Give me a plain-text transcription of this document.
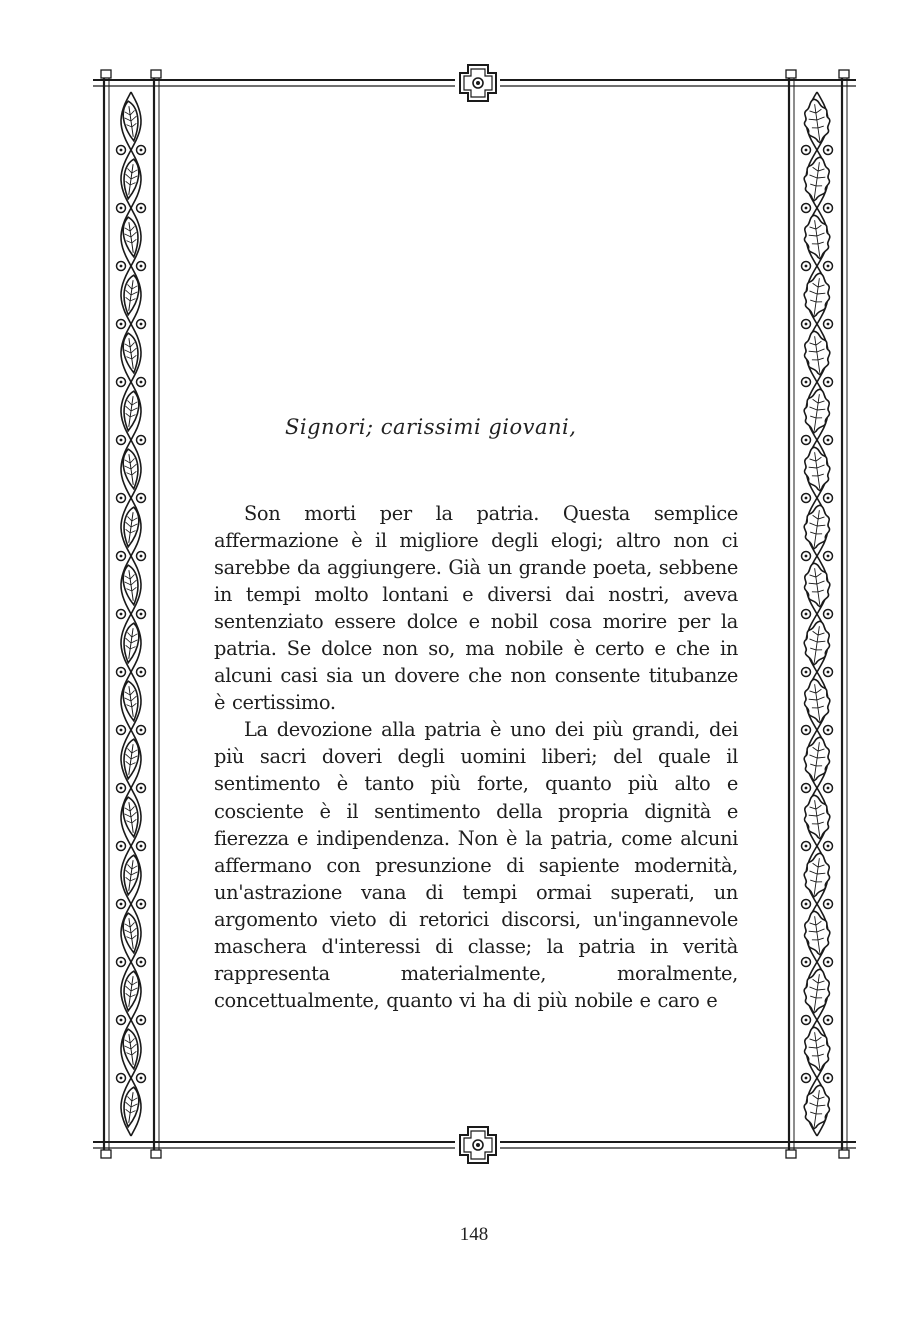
Signori; carissimi giovani,

Son morti per la patria. Questa semplice affermazione è il migliore degli elogi; altro non ci sarebbe da aggiungere. Già un grande poeta, sebbene in tempi molto lontani e diversi dai nostri, aveva sentenziato essere dolce e nobil cosa morire per la patria. Se dolce non so, ma nobile è certo e che in alcuni casi sia un dovere che non consente titubanze è certissimo.

La devozione alla patria è uno dei più grandi, dei più sacri doveri degli uomini liberi; del quale il sentimento è tanto più forte, quanto più alto e cosciente è il sentimento della propria dignità e fierezza e indipendenza. Non è la patria, come alcuni affermano con presunzione di sapiente modernità, un'astrazione vana di tempi ormai superati, un argomento vieto di retorici discorsi, un'ingannevole maschera d'interessi di classe; la patria in verità rappresenta materialmente, moralmente, concettualmente, quanto vi ha di più nobile e caro e

148
